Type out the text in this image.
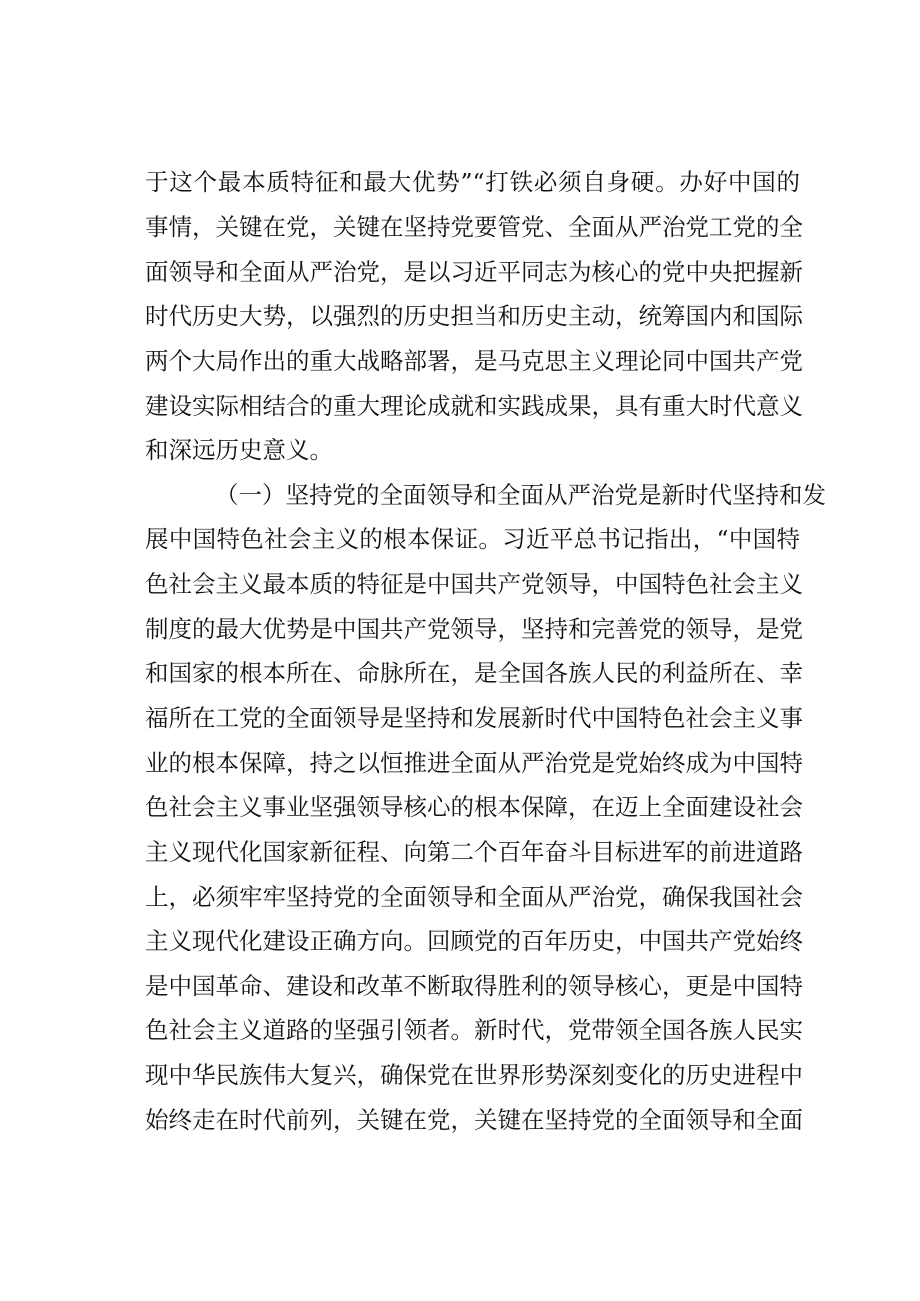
于这个最本质特征和最大优势”“打铁必须自身硬。办好中国的

事情，关键在党，关键在坚持党要管党、全面从严治党工党的全

面领导和全面从严治党，是以习近平同志为核心的党中央把握新

时代历史大势，以强烈的历史担当和历史主动，统筹国内和国际

两个大局作出的重大战略部署，是马克思主义理论同中国共产党

建设实际相结合的重大理论成就和实践成果，具有重大时代意义

和深远历史意义。

（一）坚持党的全面领导和全面从严治党是新时代坚持和发

展中国特色社会主义的根本保证。习近平总书记指出，“中国特

色社会主义最本质的特征是中国共产党领导，中国特色社会主义

制度的最大优势是中国共产党领导，坚持和完善党的领导，是党

和国家的根本所在、命脉所在，是全国各族人民的利益所在、幸

福所在工党的全面领导是坚持和发展新时代中国特色社会主义事

业的根本保障，持之以恒推进全面从严治党是党始终成为中国特

色社会主义事业坚强领导核心的根本保障，在迈上全面建设社会

主义现代化国家新征程、向第二个百年奋斗目标进军的前进道路

上，必须牢牢坚持党的全面领导和全面从严治党，确保我国社会

主义现代化建设正确方向。回顾党的百年历史，中国共产党始终

是中国革命、建设和改革不断取得胜利的领导核心，更是中国特

色社会主义道路的坚强引领者。新时代，党带领全国各族人民实

现中华民族伟大复兴，确保党在世界形势深刻变化的历史进程中

始终走在时代前列，关键在党，关键在坚持党的全面领导和全面
